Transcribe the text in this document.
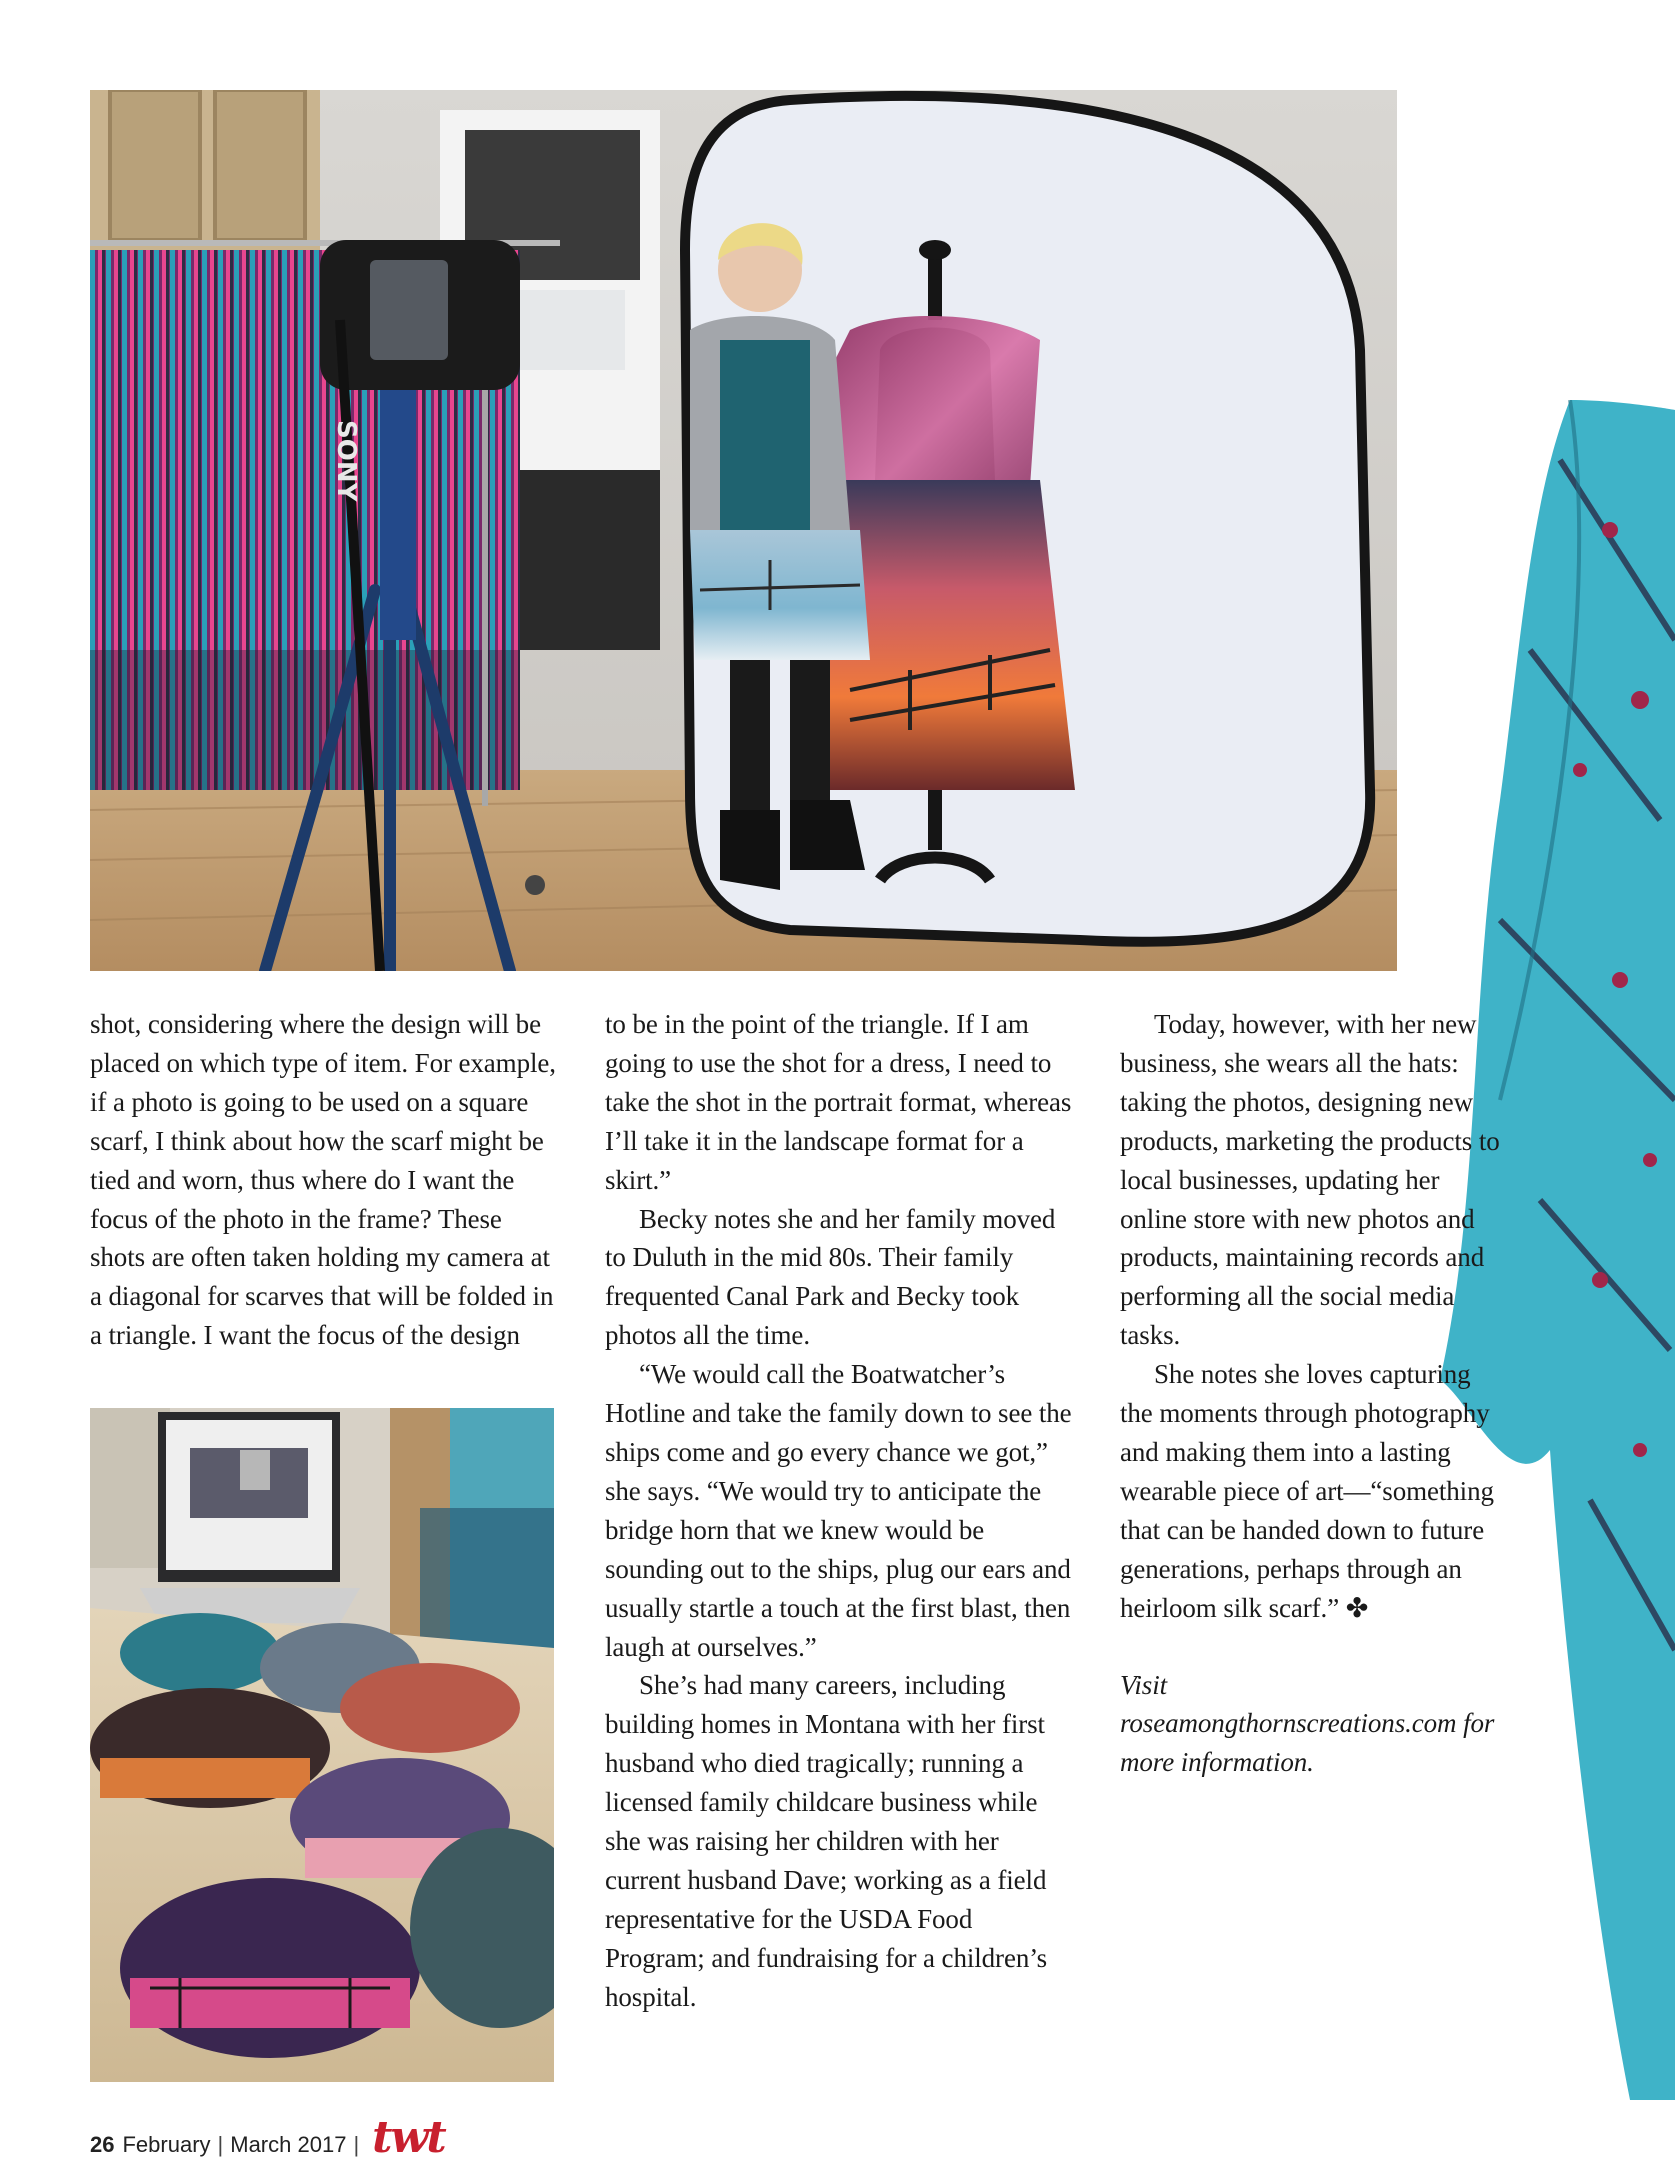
SONY

shot, considering where the design will be placed on which type of item. For example, if a photo is going to be used on a square scarf, I think about how the scarf might be tied and worn, thus where do I want the focus of the photo in the frame? These shots are often taken holding my camera at a diagonal for scarves that will be folded in a triangle. I want the focus of the design

to be in the point of the triangle. If I am going to use the shot for a dress, I need to take the shot in the portrait format, whereas I’ll take it in the landscape format for a skirt.”

Becky notes she and her family moved to Duluth in the mid 80s. Their family frequented Canal Park and Becky took photos all the time.

“We would call the Boatwatcher’s Hotline and take the family down to see the ships come and go every chance we got,” she says. “We would try to anticipate the bridge horn that we knew would be sounding out to the ships, plug our ears and usually startle a touch at the first blast, then laugh at ourselves.”

She’s had many careers, including building homes in Montana with her first husband who died tragically; running a licensed family childcare business while she was raising her children with her current husband Dave; working as a field representative for the USDA Food Program; and fundraising for a children’s hospital.

Today, however, with her new business, she wears all the hats: taking the photos, designing new products, marketing the products to local businesses, updating her online store with new photos and products, maintaining records and performing all the social media tasks.

She notes she loves capturing the moments through photography and making them into a lasting wearable piece of art—“something that can be handed down to future generations, perhaps through an heirloom silk scarf.” ✤

Visit roseamongthornscreations.com for more information.

26 February | March 2017 | twt
